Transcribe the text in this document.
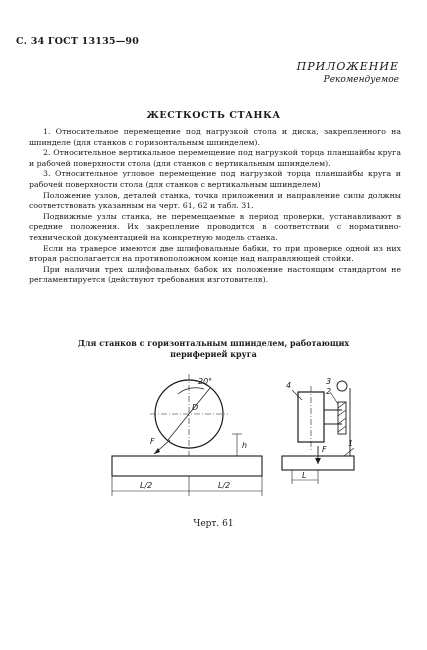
С. 34 ГОСТ 13135—90
ПРИЛОЖЕНИЕ
Рекомендуемое
ЖЕСТКОСТЬ СТАНКА

1. Относительное перемещение под нагрузкой стола и диска, закрепленного на шпинделе (для станков с горизонтальным шпинделем).

2. Относительное вертикальное перемещение под нагрузкой торца планшайбы круга и рабочей поверхности стола (для станков с вертикальным шпинделем).

3. Относительное угловое перемещение под нагрузкой торца планшайбы круга и рабочей поверхности стола (для станков с вертикальным шпинделем)

Положение узлов, деталей станка, точка приложения и направление силы должны соответствовать указанным на черт. 61, 62 и табл. 31.

Подвижные узлы станка, не перемещаемые в период проверки, устанавливают в средние положения. Их закрепление проводится в соответствии с нормативно-технической документацией на конкретную модель станка.

Если на траверсе имеются две шлифовальные бабки, то при проверке одной из них вторая располагается на противоположном конце над направляющей стойки.

При наличии трех шлифовальных бабок их положение настоящим стандартом не регламентируется (действуют требования изготовителя).

Для станков с горизонтальным шпинделем, работающих периферией круга
20°
D
F	h
L/2	L/2
4	3
2
1
F
L
Черт. 61
